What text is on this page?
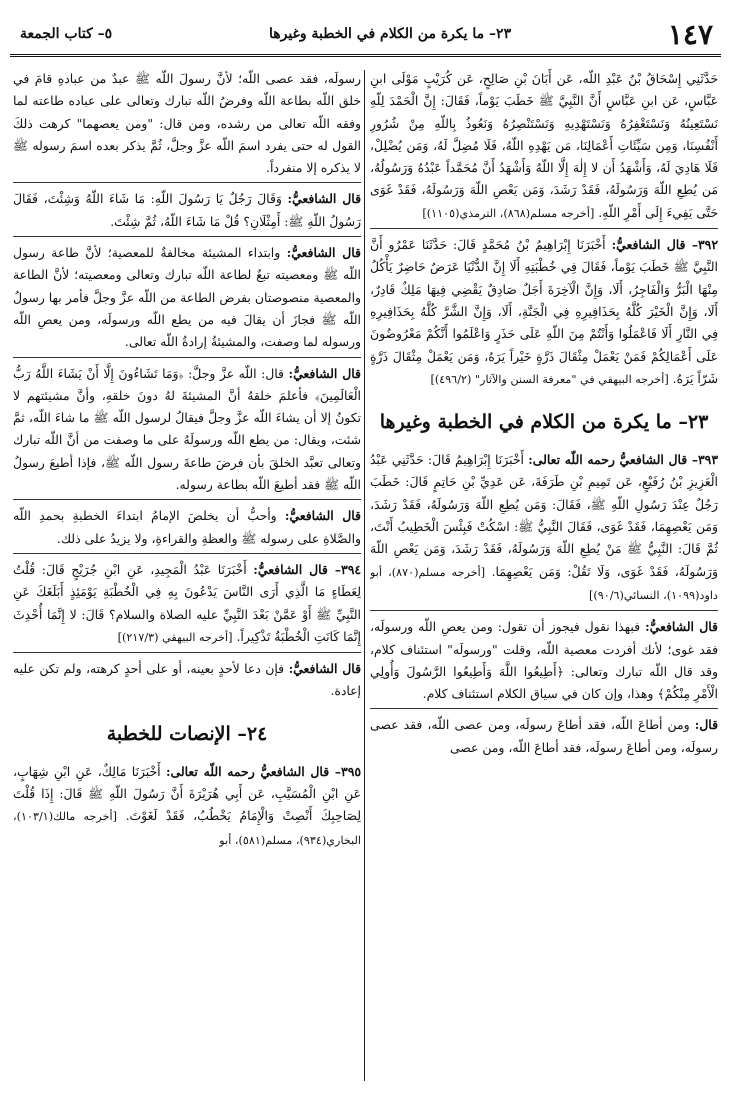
١٤٧
٢٣– ما يكرة من الكلام في الخطبة وغيرها
٥– كتاب الجمعة

حَدَّثَنِي إِسْحَاقُ بْنُ عَبْدِ اللّه، عَن أَبَانَ بْنِ صَالِحٍ، عَن كُرَيْبٍ مَوْلَى ابنِ عَبَّاسٍ، عَن ابنِ عَبَّاسٍ أَنَّ النَّبِيَّ ﷺ خَطَبَ يَوْماً، فَقَالَ: إِنَّ الْحَمْدَ لِلّهِ نَسْتَعِينُهُ وَنَسْتَغْفِرُهُ وَنَسْتَهْدِيهِ وَنَسْتَنْصِرُهُ وَنَعُوذُ بِاللّهِ مِنْ شُرُورِ أَنْفُسِنَا، وَمِن سَيِّئَاتِ أَعْمَالِنَا، مَن يَهْدِهِ اللّهُ، فَلَا مُضِلَّ لَهُ، وَمَن يُضْلِلْ، فَلَا هَادِيَ لَهُ، وَأَشْهَدُ أَن لا إِلٰهَ إِلَّا اللّهُ وَأَشْهَدُ أَنَّ مُحَمَّداً عَبْدُهُ وَرَسُولُهُ، مَن يُطِعِ اللّهَ وَرَسُولَهُ، فَقَدْ رَشَدَ، وَمَن يَعْصِ اللّهَ وَرَسُولَهُ، فَقَدْ غَوَى حَتَّى يَفِيءَ إِلَى أَمْرِ اللّهِ. [أخرجه مسلم(٨٦٨)، الترمذي(١١٠٥)]

٣٩٢– قال الشافعيُّ: أَخْبَرَنَا إِبْرَاهِيمُ بْنُ مُحَمَّدٍ قَالَ: حَدَّثَنَا عَمْرُو أَنَّ النَّبِيَّ ﷺ خَطَبَ يَوْماً، فَقَالَ فِي خُطْبَتِهِ أَلَا إِنَّ الدُّنْيَا عَرَضٌ حَاضِرٌ يَأْكُلُ مِنْهَا الْبَرُّ وَالْفَاجِرُ، أَلَا، وَإِنَّ الْآخِرَةَ أَجَلٌ صَادِقٌ يَقْضِي فِيهَا مَلِكٌ قَادِرٌ، أَلَا، وَإِنَّ الْخَيْرَ كُلَّهُ بِحَذَافِيرِهِ فِي الْجَنَّةِ، أَلَا، وَإِنَّ الشَّرَّ كُلَّهُ بِحَذَافِيرِهِ فِي النَّارِ أَلَا فَاعْمَلُوا وَأَنْتُمْ مِنَ اللّهِ عَلَى حَذَرٍ وَاعْلَمُوا أَنَّكُمْ مَعْرُوضُونَ عَلَى أَعْمَالِكُمْ فَمَنْ يَعْمَلْ مِثْقَالَ ذَرَّةٍ خَيْراً يَرَهُ، وَمَن يَعْمَلْ مِثْقَالَ ذَرَّةٍ شَرّاً يَرَهُ. [أخرجه البيهقي في "معرفة السنن والآثار" (٤٩٦/٢)]

٢٣– ما يكرة من الكلام في الخطبة وغيرها

٣٩٣– قال الشافعيُّ رحمه اللّه تعالى: أَخْبَرَنَا إِبْرَاهِيمُ قَالَ: حَدَّثَنِي عَبْدُ الْعَزِيزِ بْنُ رُفَيْعٍ، عَن تَمِيمِ بْنِ طَرَفَةَ، عَن عَدِيِّ بْنِ حَاتِمٍ قَالَ: خَطَبَ رَجُلٌ عِنْدَ رَسُولِ اللّهِ ﷺ، فَقَالَ: وَمَن يُطِعِ اللّهَ وَرَسُولَهُ، فَقَدْ رَشَدَ، وَمَن يَعْصِهِمَا، فَقَدْ غَوَى، فَقَالَ النَّبِيُّ ﷺ: اسْكُتْ فَبِئْسَ الْخَطِيبُ أَنْتَ، ثُمَّ قَالَ: النَّبِيُّ ﷺ مَنْ يُطِعِ اللّهَ وَرَسُولَهُ، فَقَدْ رَشَدَ، وَمَن يَعْصِ اللّهَ وَرَسُولَهُ، فَقَدْ غَوَى، وَلَا تَقُلْ: وَمَن يَعْصِهِمَا. [أخرجه مسلم(٨٧٠)، أبو داود(١٠٩٩)، النسائي(٩٠/٦)]

قال الشافعيُّ: فبهذا نقول فيجوز أن تقول: ومن يعصِ اللّه ورسولَه، فقد غوى؛ لأنك أفردت معصية اللّه، وقلت "ورسولَه" استئناف كلام، وقد قال اللّه تبارك وتعالى: ﴿أَطِيعُوا اللَّهَ وَأَطِيعُوا الرَّسُولَ وَأُولِي الْأَمْرِ مِنْكُمْ﴾ وهذا، وإن كان في سياق الكلام استئناف كلام.

قال: ومن أطاعَ اللّه، فقد أطاعَ رسولَه، ومن عصى اللّه، فقد عصى رسولَه، ومن أطاعَ رسولَه، فقد أطاعَ اللّه، ومن عصى

رسولَه، فقد عصى اللّه؛ لأنَّ رسولَ اللّه ﷺ عبدٌ من عبادهِ قامَ في خلق اللّه بطاعة اللّه وفرضُ اللّه تبارك وتعالى على عباده طاعته لما وفقه اللّه تعالى من رشده، ومن قال: "ومن يعصهما" كرهت ذلكَ القول له حتى يفرد اسمَ اللّه عزَّ وجلَّ، ثُمَّ يذكر بعده اسمَ رسوله ﷺ لا يذكره إلا منفرداً.

قال الشافعيُّ: وَقَالَ رَجُلٌ يَا رَسُولَ اللّهِ: مَا شَاءَ اللّهُ وَشِئْتَ، فَقَالَ رَسُولُ اللّهِ ﷺ: أَمِثْلَانِ؟ قُلْ مَا شَاءَ اللّهُ، ثُمَّ شِئْتَ.

قال الشافعيُّ: وابتداء المشيئة مخالفةٌ للمعصية؛ لأنَّ طاعة رسول اللّه ﷺ ومعصيته تبعٌ لطاعة اللّه تبارك وتعالى ومعصيته؛ لأنَّ الطاعة والمعصية منصوصتان بفرض الطاعة من اللّه عزَّ وجلَّ فأمر بها رسولُ اللّه ﷺ فجازَ أن يقالَ فيه من يطع اللّه ورسولَه، ومن يعصِ اللّه ورسوله لما وصفت، والمشيئةُ إرادةُ اللّه تعالى.

قال الشافعيُّ: قال: اللّه عزَّ وجلَّ: ﴿وَمَا تَشَاءُونَ إِلَّا أَنْ يَشَاءَ اللَّهُ رَبُّ الْعَالَمِينَ﴾ فأعلمَ خلقهُ أنَّ المشيئةَ لهُ دونَ خلقهِ، وأنَّ مشيئتهم لا تكونُ إلا أن يشاءَ اللّه عزَّ وجلَّ فيقالُ لرسول اللّه ﷺ ما شاءَ اللّه، ثمَّ شئت، ويقال: من يطع اللّه ورسولَهُ على ما وصفت من أنَّ اللّه تبارك وتعالى تعبَّد الخلقَ بأن فرضَ طاعةَ رسول اللّه ﷺ، فإذا أطيعَ رسولُ اللّه ﷺ فقد أطيعَ اللّه بطاعة رسوله.

قال الشافعيُّ: وأحبُّ أن يخلصَ الإمامُ ابتداءَ الخطبةِ بحمدِ اللّه والصَّلاةِ على رسوله ﷺ والعظةِ والقراءةِ، ولا يزيدُ على ذلك.

٣٩٤– قال الشافعيُّ: أَخْبَرَنَا عَبْدُ الْمَجِيدِ، عَنِ ابْنِ جُرَيْجٍ قَالَ: قُلْتُ لِعَطَاءٍ مَا الَّذِي أَرَى النَّاسَ يَدْعُونَ بِهِ فِي الْخُطْبَةِ يَوْمَئِذٍ أَبَلَغَكَ عَنِ النَّبِيِّ ﷺ أَوْ عَمَّنْ بَعْدَ النَّبِيِّ عليه الصلاة والسلام؟ قَالَ: لا إِنَّمَا أُحْدِثَ إِنَّمَا كَانَتِ الْخُطْبَةُ تَذْكِيراً. [أخرجه البيهقي (٢١٧/٣)]

قال الشافعيُّ: فإن دعا لأحدٍ بعينه، أو على أحدٍ كرهته، ولم تكن عليه إعادة.

٢٤– الإنصات للخطبة

٣٩٥– قال الشافعيُّ رحمه اللّه تعالى: أَخْبَرَنَا مَالِكٌ، عَنِ ابْنِ شِهَابٍ، عَنِ ابْنِ الْمُسَيَّبِ، عَن أَبِي هُرَيْرَةَ أَنَّ رَسُولَ اللّهِ ﷺ قَالَ: إِذَا قُلْتَ لِصَاحِبِكَ أَنْصِتْ وَالْإِمَامُ يَخْطُبُ، فَقَدْ لَغَوْتَ. [أخرجه مالك(١٠٣/١)، البخاري(٩٣٤)، مسلم(٥٨١)، أبو
